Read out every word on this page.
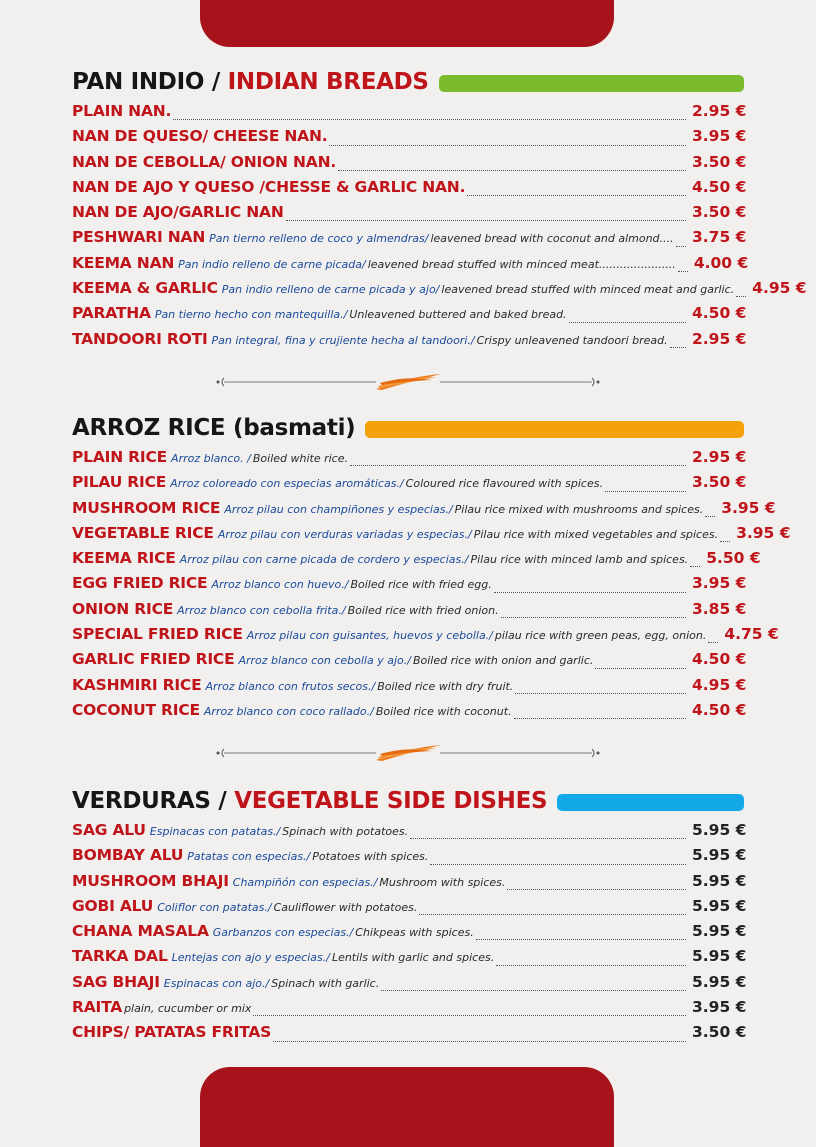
PAN INDIO / INDIAN BREADS
PLAIN NAN.	2.95 €
NAN DE QUESO/ CHEESE NAN.	3.95 €
NAN DE CEBOLLA/ ONION NAN.	3.50 €
NAN DE AJO Y QUESO /CHESSE & GARLIC NAN.	4.50 €
NAN DE AJO/GARLIC NAN	3.50 €
PESHWARI NAN Pan tierno relleno de coco y almendras/ leavened bread with coconut and almond.... 3.75 €
KEEMA NAN Pan indio relleno de carne picada/ leavened bread stuffed with minced meat...................... 4.00 €
KEEMA & GARLIC Pan indio relleno de carne picada y ajo/ leavened bread stuffed with minced meat and garlic. 4.95 €
PARATHA Pan tierno hecho con mantequilla./ Unleavened buttered and baked bread.	4.50 €
TANDOORI ROTI Pan integral, fina y crujiente hecha al tandoori./ Crispy unleavened tandoori bread. 2.95 €
ARROZ RICE (basmati)
PLAIN RICE Arroz blanco. / Boiled white rice.	2.95 €
PILAU RICE Arroz coloreado con especias aromáticas./ Coloured rice flavoured with spices.	3.50 €
MUSHROOM RICE Arroz pilau con champiñones y especias./ Pilau rice mixed with mushrooms and spices. 3.95 €
VEGETABLE RICE Arroz pilau con verduras variadas y especias./ Pilau rice with mixed vegetables and spices. 3.95 €
KEEMA RICE Arroz pilau con carne picada de cordero y especias./ Pilau rice with minced lamb and spices. 5.50 €
EGG FRIED RICE Arroz blanco con huevo./ Boiled rice with fried egg.	3.95 €
ONION RICE Arroz blanco con cebolla frita./ Boiled rice with fried onion.	3.85 €
SPECIAL FRIED RICE Arroz pilau con guisantes, huevos y cebolla./ pilau rice with green peas, egg, onion. 4.75 €
GARLIC FRIED RICE Arroz blanco con cebolla y ajo./ Boiled rice with onion and garlic.	4.50 €
KASHMIRI RICE Arroz blanco con frutos secos./ Boiled rice with dry fruit.	4.95 €
COCONUT RICE Arroz blanco con coco rallado./ Boiled rice with coconut.	4.50 €
VERDURAS / VEGETABLE SIDE DISHES
SAG ALU Espinacas con patatas./ Spinach with potatoes.	5.95 €
BOMBAY ALU Patatas con especias./ Potatoes with spices.	5.95 €
MUSHROOM BHAJI Champiñón con especias./ Mushroom with spices.	5.95 €
GOBI ALU Coliflor con patatas./ Cauliflower with potatoes.	5.95 €
CHANA MASALA Garbanzos con especias./ Chikpeas with spices.	5.95 €
TARKA DAL Lentejas con ajo y especias./ Lentils with garlic and spices.	5.95 €
SAG BHAJI Espinacas con ajo./ Spinach with garlic.	5.95 €
RAITA plain, cucumber or mix	3.95 €
CHIPS/ PATATAS FRITAS	3.50 €
